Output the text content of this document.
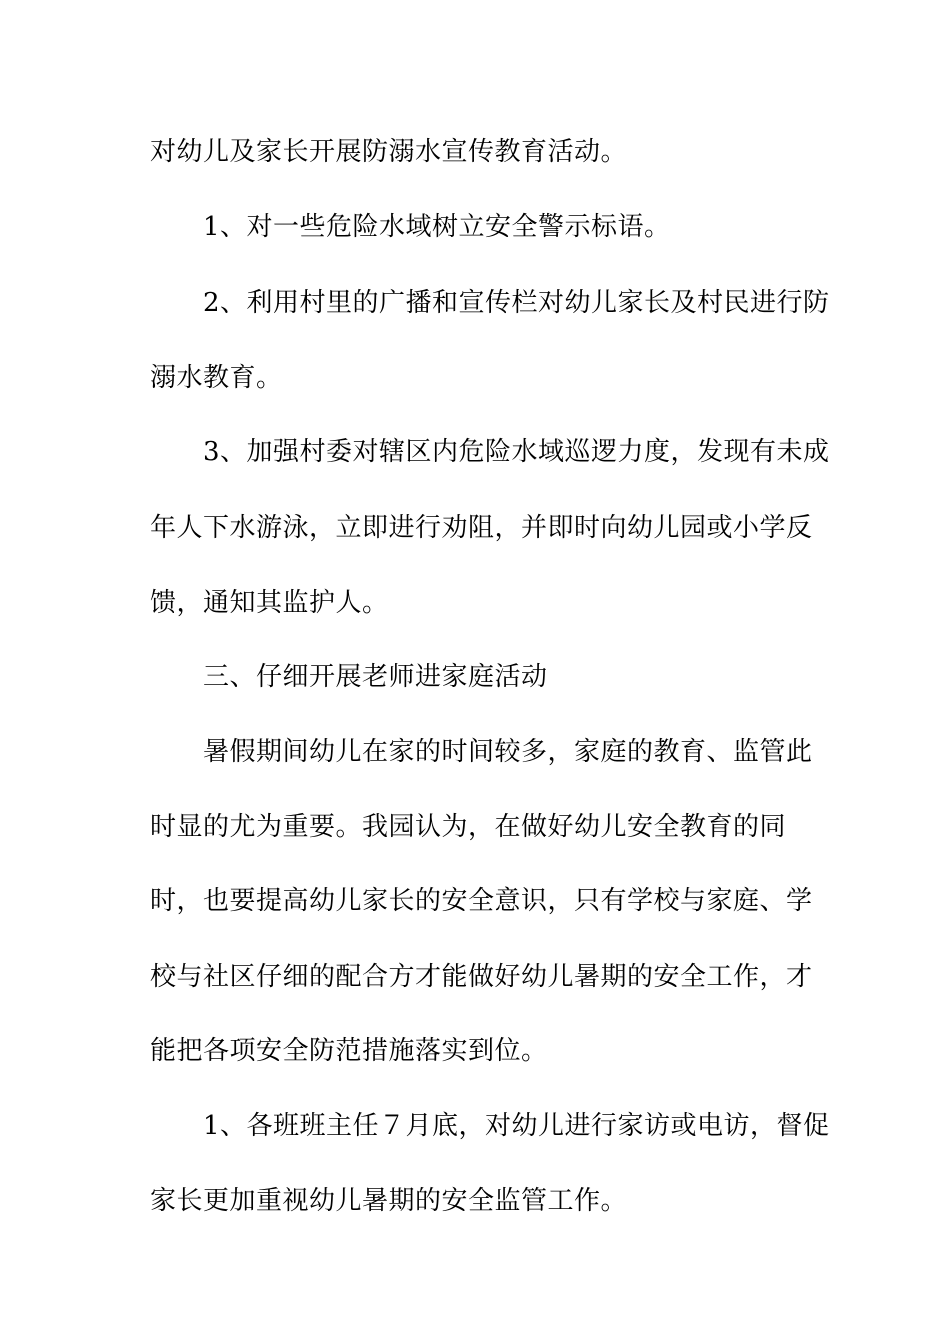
对幼儿及家长开展防溺水宣传教育活动。
1、对一些危险水域树立安全警示标语。
2、利用村里的广播和宣传栏对幼儿家长及村民进行防
溺水教育。
3、加强村委对辖区内危险水域巡逻力度，发现有未成
年人下水游泳，立即进行劝阻，并即时向幼儿园或小学反
馈，通知其监护人。
三、仔细开展老师进家庭活动
暑假期间幼儿在家的时间较多，家庭的教育、监管此
时显的尤为重要。我园认为，在做好幼儿安全教育的同
时，也要提高幼儿家长的安全意识，只有学校与家庭、学
校与社区仔细的配合方才能做好幼儿暑期的安全工作，才
能把各项安全防范措施落实到位。
1、各班班主任７月底，对幼儿进行家访或电访，督促
家长更加重视幼儿暑期的安全监管工作。
